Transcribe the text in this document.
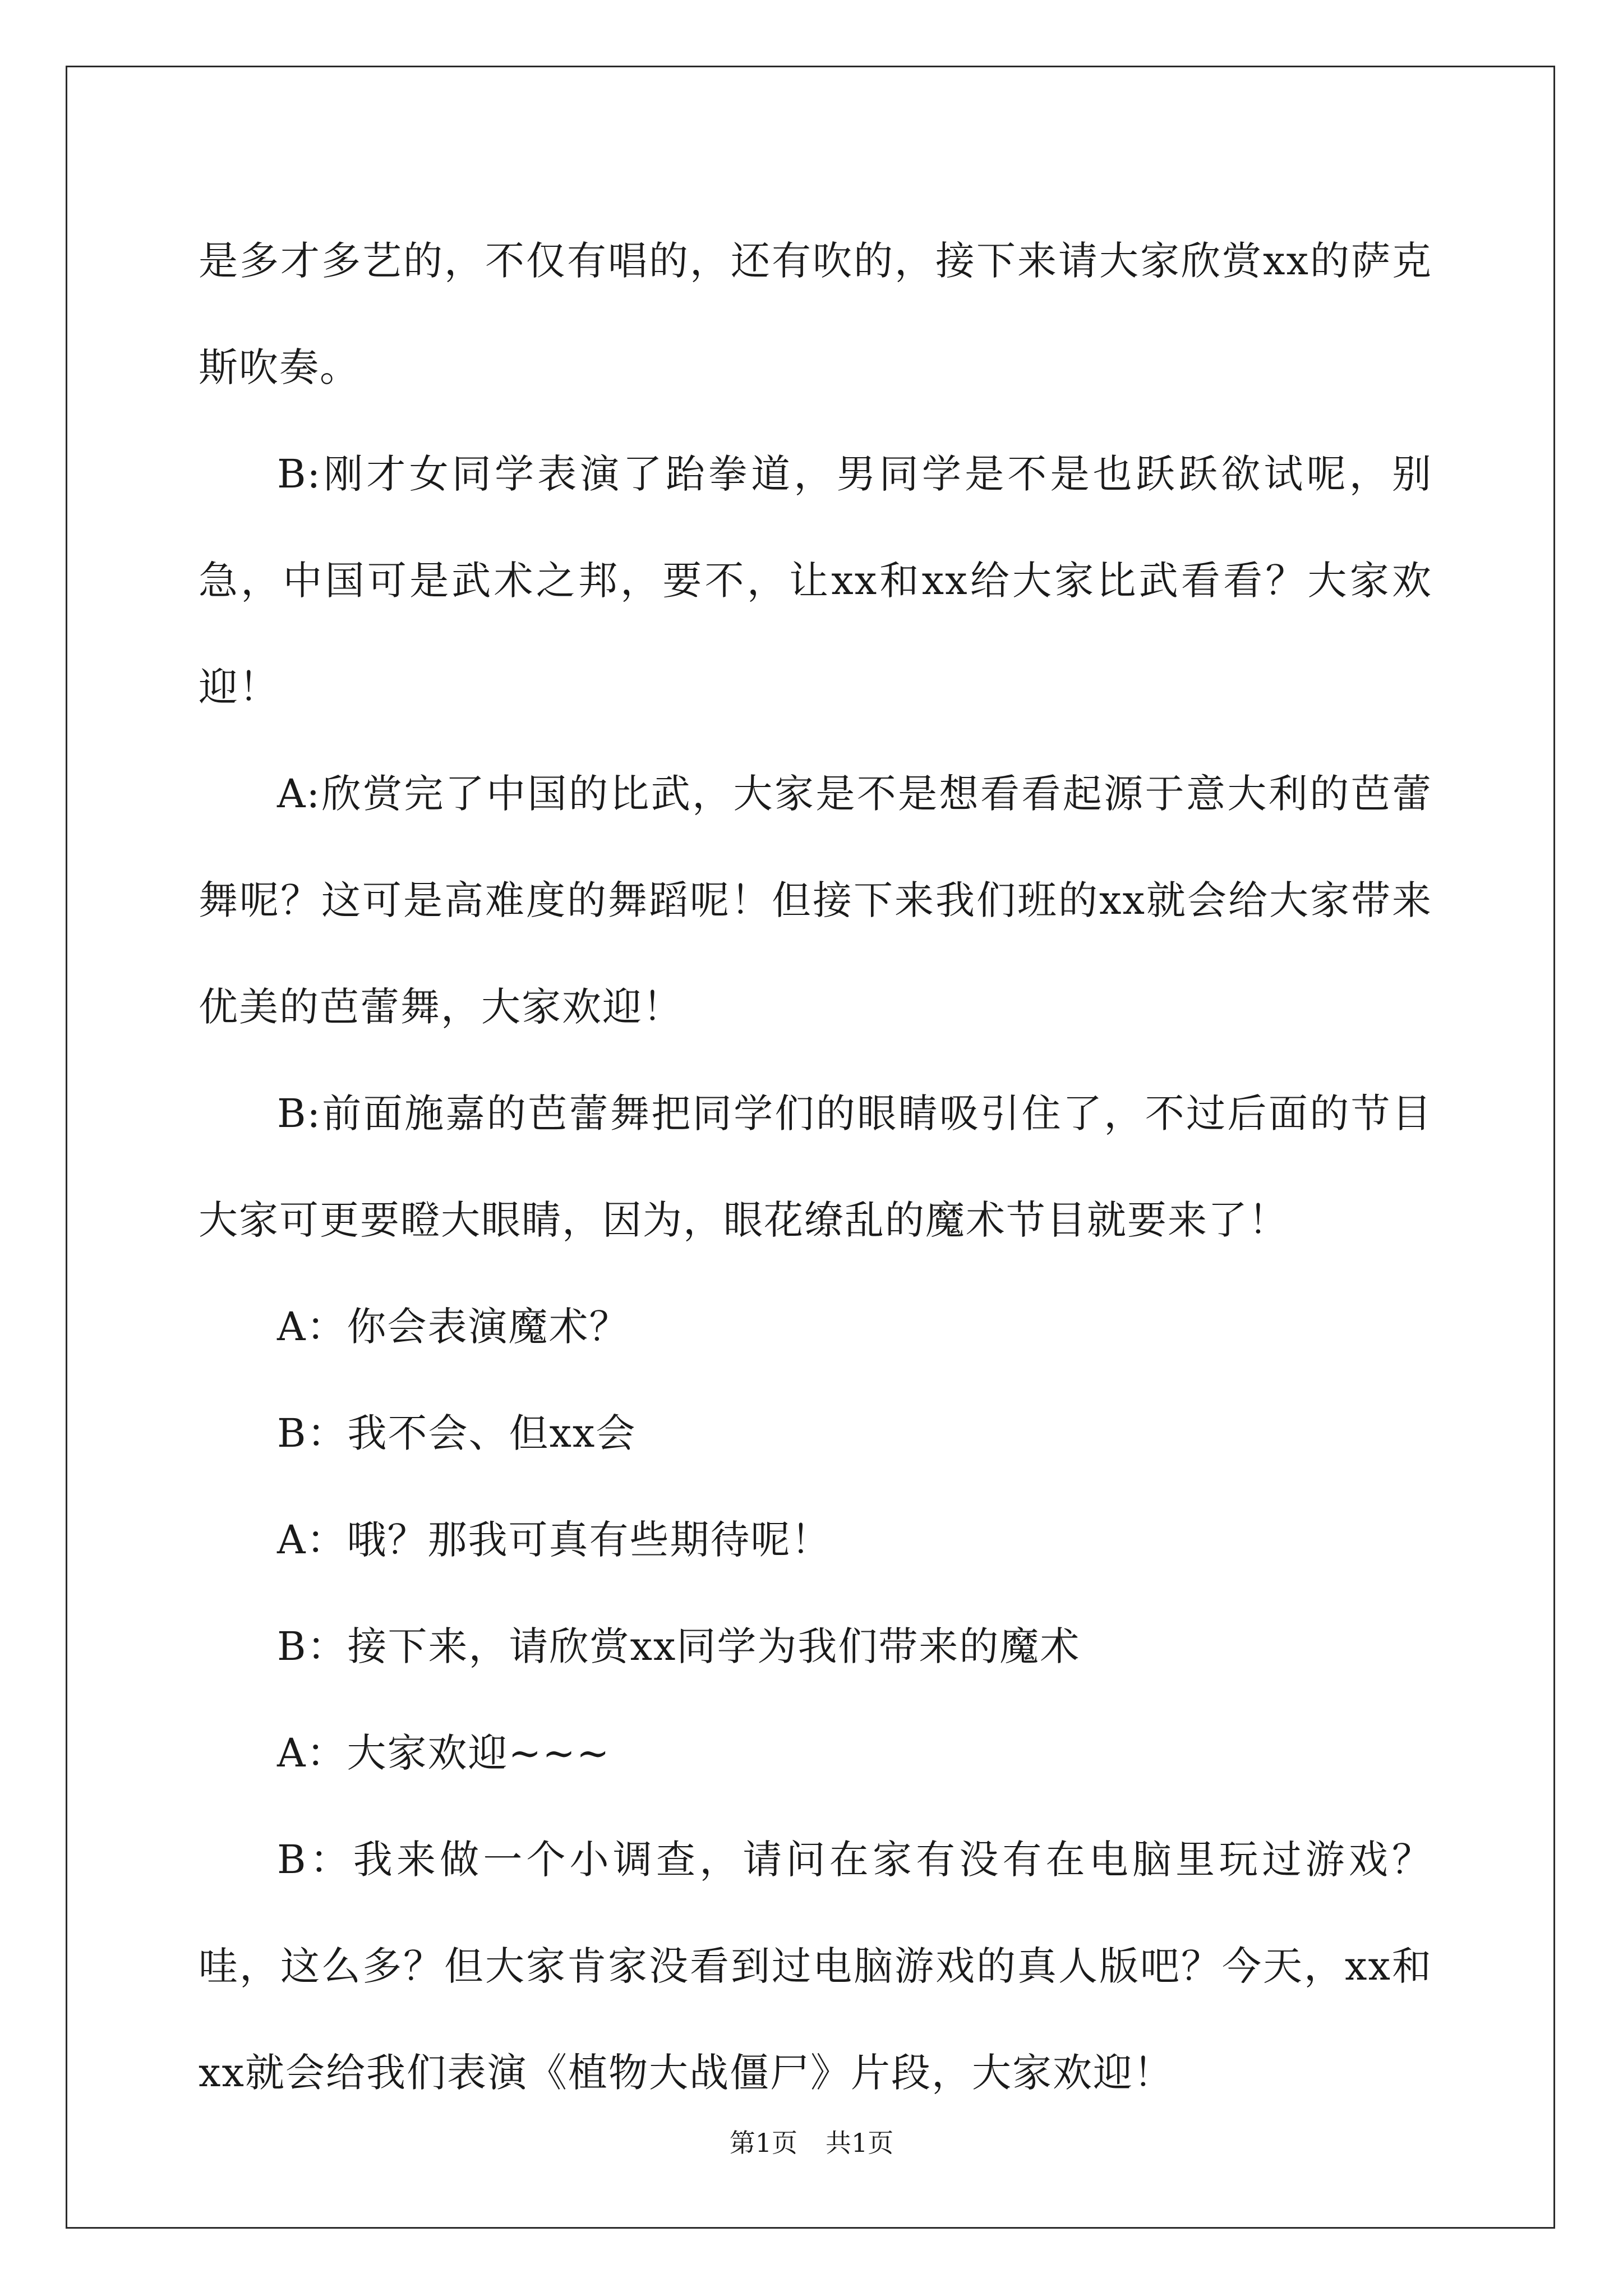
是多才多艺的，不仅有唱的，还有吹的，接下来请大家欣赏xx的萨克斯吹奏。

B:刚才女同学表演了跆拳道，男同学是不是也跃跃欲试呢，别急，中国可是武术之邦，要不，让xx和xx给大家比武看看？大家欢迎！

A:欣赏完了中国的比武，大家是不是想看看起源于意大利的芭蕾舞呢？这可是高难度的舞蹈呢！但接下来我们班的xx就会给大家带来优美的芭蕾舞，大家欢迎！

B:前面施嘉的芭蕾舞把同学们的眼睛吸引住了，不过后面的节目大家可更要瞪大眼睛，因为，眼花缭乱的魔术节目就要来了！

A：你会表演魔术？

B：我不会、但xx会

A：哦？那我可真有些期待呢！

B：接下来，请欣赏xx同学为我们带来的魔术

A：大家欢迎~~~

B：我来做一个小调查，请问在家有没有在电脑里玩过游戏？哇，这么多？但大家肯家没看到过电脑游戏的真人版吧？今天，xx和xx就会给我们表演《植物大战僵尸》片段，大家欢迎！

第1页 共1页
